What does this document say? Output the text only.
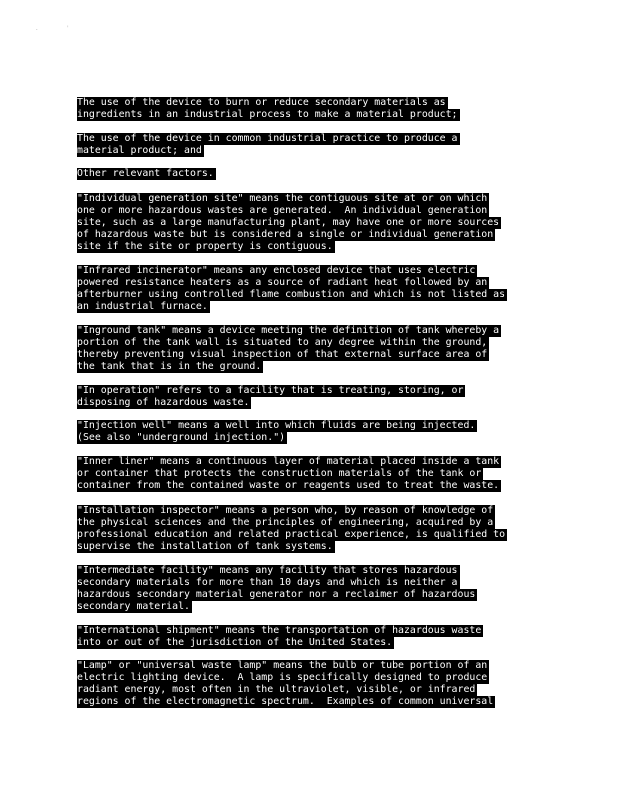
.	'
The use of the device to burn or reduce secondary materials as
ingredients in an industrial process to make a material product;
The use of the device in common industrial practice to produce a
material product; and
Other relevant factors.
"Individual generation site" means the contiguous site at or on which
one or more hazardous wastes are generated.  An individual generation
site, such as a large manufacturing plant, may have one or more sources
of hazardous waste but is considered a single or individual generation
site if the site or property is contiguous.
"Infrared incinerator" means any enclosed device that uses electric
powered resistance heaters as a source of radiant heat followed by an
afterburner using controlled flame combustion and which is not listed as
an industrial furnace.
"Inground tank" means a device meeting the definition of tank whereby a
portion of the tank wall is situated to any degree within the ground,
thereby preventing visual inspection of that external surface area of
the tank that is in the ground.
"In operation" refers to a facility that is treating, storing, or
disposing of hazardous waste.
"Injection well" means a well into which fluids are being injected.
(See also "underground injection.")
"Inner liner" means a continuous layer of material placed inside a tank
or container that protects the construction materials of the tank or
container from the contained waste or reagents used to treat the waste.
"Installation inspector" means a person who, by reason of knowledge of
the physical sciences and the principles of engineering, acquired by a
professional education and related practical experience, is qualified to
supervise the installation of tank systems.
"Intermediate facility" means any facility that stores hazardous
secondary materials for more than 10 days and which is neither a
hazardous secondary material generator nor a reclaimer of hazardous
secondary material.
"International shipment" means the transportation of hazardous waste
into or out of the jurisdiction of the United States.
"Lamp" or "universal waste lamp" means the bulb or tube portion of an
electric lighting device.  A lamp is specifically designed to produce
radiant energy, most often in the ultraviolet, visible, or infrared
regions of the electromagnetic spectrum.  Examples of common universal
